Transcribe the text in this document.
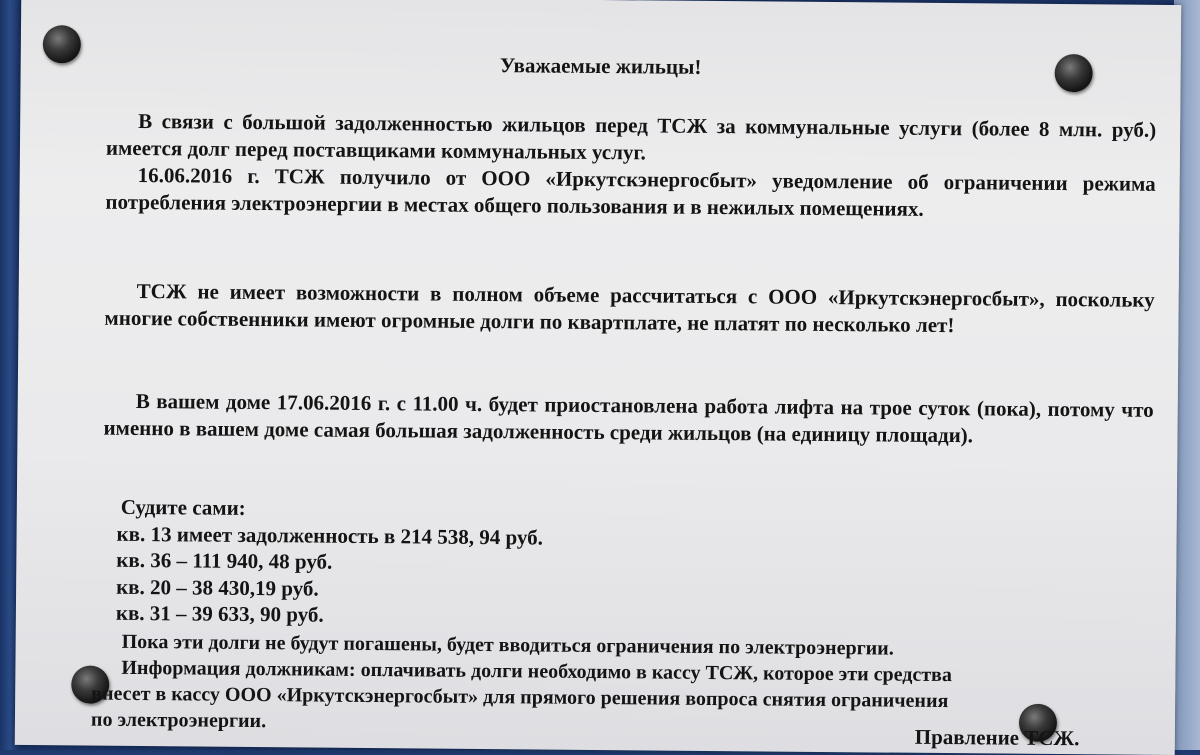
Уважаемые жильцы!

В связи с большой задолженностью жильцов перед ТСЖ за коммунальные услуги (более 8 млн. руб.) имеется долг перед поставщиками коммунальных услуг.

16.06.2016 г. ТСЖ получило от ООО «Иркутскэнергосбыт» уведомление об ограничении режима потребления электроэнергии в местах общего пользования и в нежилых помещениях.

ТСЖ не имеет возможности в полном объеме рассчитаться с ООО «Иркутскэнергосбыт», поскольку многие собственники имеют огромные долги по квартплате, не платят по несколько лет!

В вашем доме 17.06.2016 г. с 11.00 ч. будет приостановлена работа лифта на трое суток (пока), потому что именно в вашем доме самая большая задолженность среди жильцов (на единицу площади).

Судите сами:
кв. 13 имеет задолженность в 214 538, 94 руб.
кв. 36 – 111 940, 48 руб.
кв. 20 – 38 430,19 руб.
кв. 31 – 39 633, 90 руб.
Пока эти долги не будут погашены, будет вводиться ограничения по электроэнергии.
Информация должникам: оплачивать долги необходимо в кассу ТСЖ, которое эти средства
внесет в кассу ООО «Иркутскэнергосбыт» для прямого решения вопроса снятия ограничения
по электроэнергии.
Правление ТСЖ.
